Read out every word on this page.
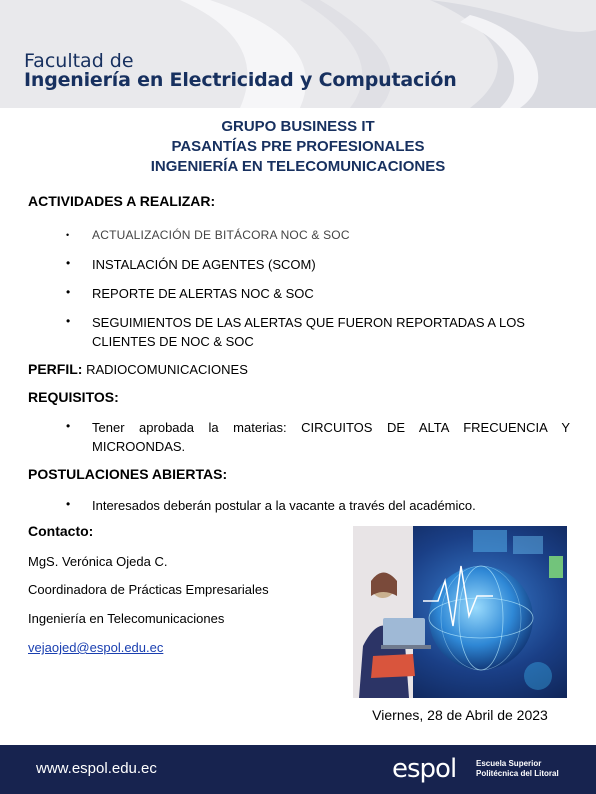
Facultad de
Ingeniería en Electricidad y Computación
GRUPO BUSINESS IT
PASANTÍAS PRE PROFESIONALES
INGENIERÍA EN TELECOMUNICACIONES
ACTIVIDADES A REALIZAR:
•	ACTUALIZACIÓN DE BITÁCORA NOC & SOC
•	INSTALACIÓN DE AGENTES (SCOM)
•	REPORTE DE ALERTAS NOC & SOC
•	SEGUIMIENTOS DE LAS ALERTAS QUE FUERON REPORTADAS A LOS CLIENTES DE NOC & SOC
PERFIL: RADIOCOMUNICACIONES
REQUISITOS:
•	Tener aprobada la materias: CIRCUITOS DE ALTA FRECUENCIA Y MICROONDAS.
POSTULACIONES ABIERTAS:
•	Interesados deberán postular a la vacante a través del académico.
Contacto:
MgS. Verónica Ojeda C.
Coordinadora de Prácticas Empresariales
Ingeniería en Telecomunicaciones
vejaojed@espol.edu.ec
Viernes, 28 de Abril de 2023
www.espol.edu.ec	espol Escuela Superior
Politécnica del Litoral
